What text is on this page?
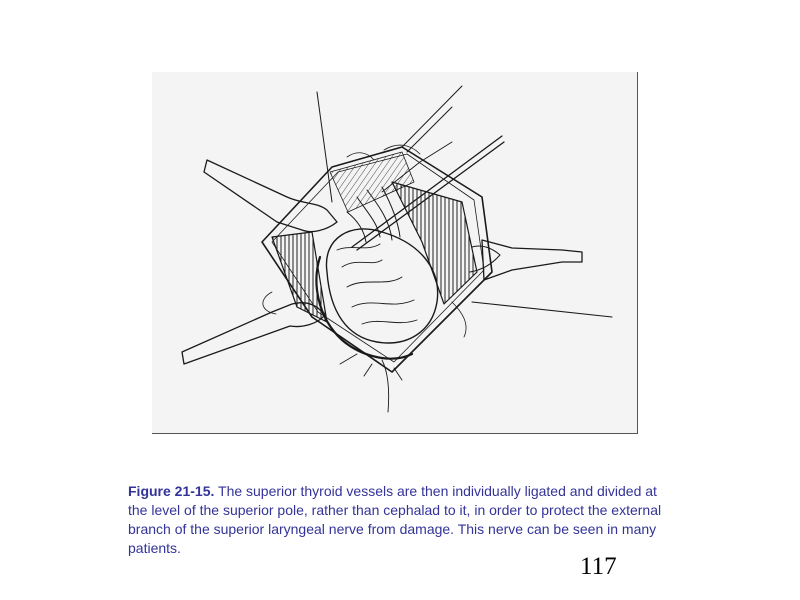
Figure 21-15. The superior thyroid vessels are then individually ligated and divided at the level of the superior pole, rather than cephalad to it, in order to protect the external branch of the superior laryngeal nerve from damage. This nerve can be seen in many patients.
117
